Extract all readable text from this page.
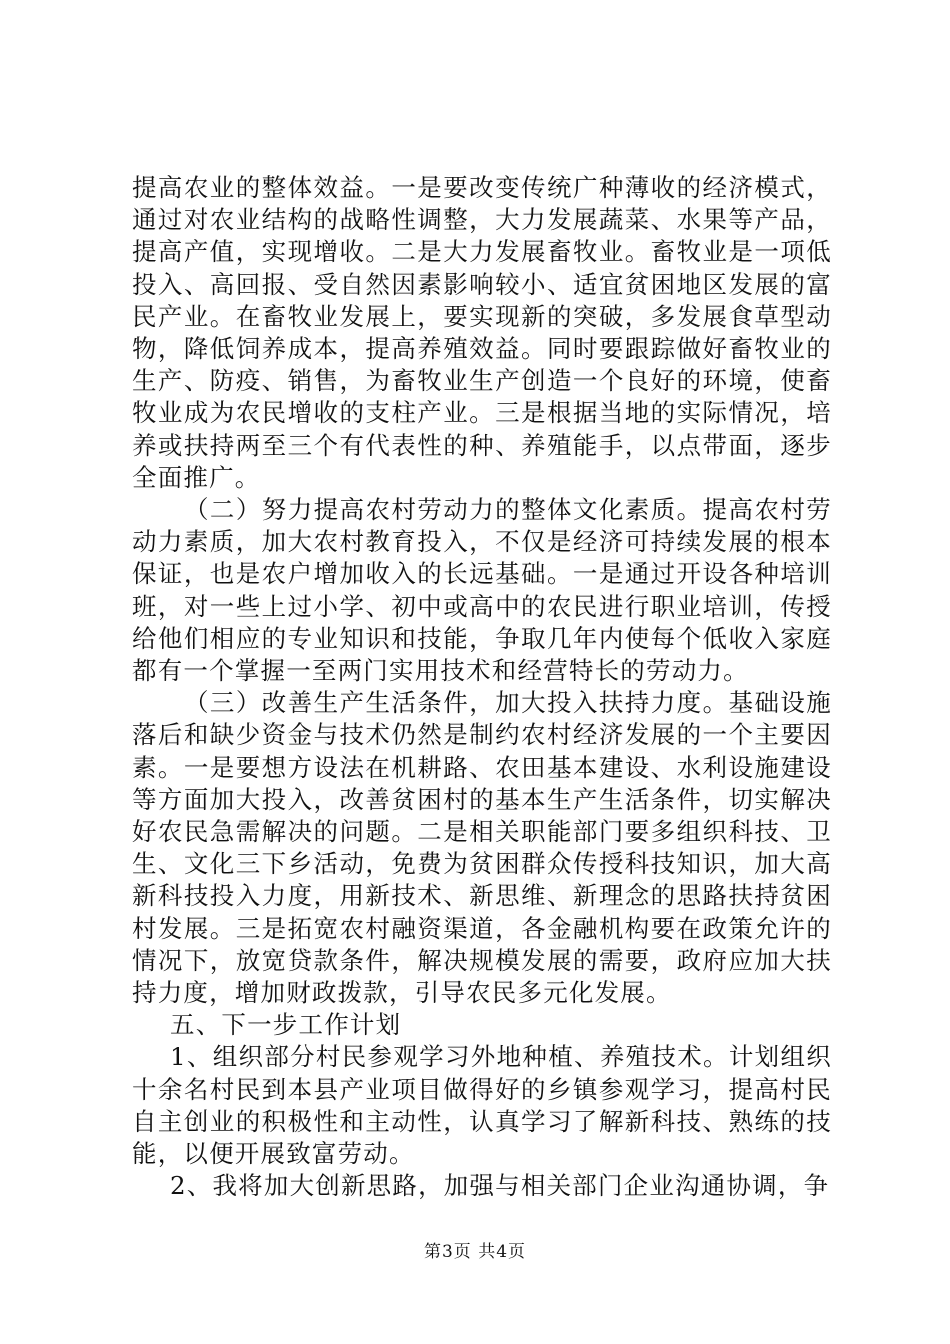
提高农业的整体效益。一是要改变传统广种薄收的经济模式，通过对农业结构的战略性调整，大力发展蔬菜、水果等产品，提高产值，实现增收。二是大力发展畜牧业。畜牧业是一项低投入、高回报、受自然因素影响较小、适宜贫困地区发展的富民产业。在畜牧业发展上，要实现新的突破，多发展食草型动物，降低饲养成本，提高养殖效益。同时要跟踪做好畜牧业的生产、防疫、销售，为畜牧业生产创造一个良好的环境，使畜牧业成为农民增收的支柱产业。三是根据当地的实际情况，培养或扶持两至三个有代表性的种、养殖能手，以点带面，逐步全面推广。

（二）努力提高农村劳动力的整体文化素质。提高农村劳动力素质，加大农村教育投入，不仅是经济可持续发展的根本保证，也是农户增加收入的长远基础。一是通过开设各种培训班，对一些上过小学、初中或高中的农民进行职业培训，传授给他们相应的专业知识和技能，争取几年内使每个低收入家庭都有一个掌握一至两门实用技术和经营特长的劳动力。

（三）改善生产生活条件，加大投入扶持力度。基础设施落后和缺少资金与技术仍然是制约农村经济发展的一个主要因素。一是要想方设法在机耕路、农田基本建设、水利设施建设等方面加大投入，改善贫困村的基本生产生活条件，切实解决好农民急需解决的问题。二是相关职能部门要多组织科技、卫生、文化三下乡活动，免费为贫困群众传授科技知识，加大高新科技投入力度，用新技术、新思维、新理念的思路扶持贫困村发展。三是拓宽农村融资渠道，各金融机构要在政策允许的情况下，放宽贷款条件，解决规模发展的需要，政府应加大扶持力度，增加财政拨款，引导农民多元化发展。

五、下一步工作计划

1、组织部分村民参观学习外地种植、养殖技术。计划组织十余名村民到本县产业项目做得好的乡镇参观学习，提高村民自主创业的积极性和主动性，认真学习了解新科技、熟练的技能，以便开展致富劳动。

2、我将加大创新思路，加强与相关部门企业沟通协调，争

第3页 共4页
